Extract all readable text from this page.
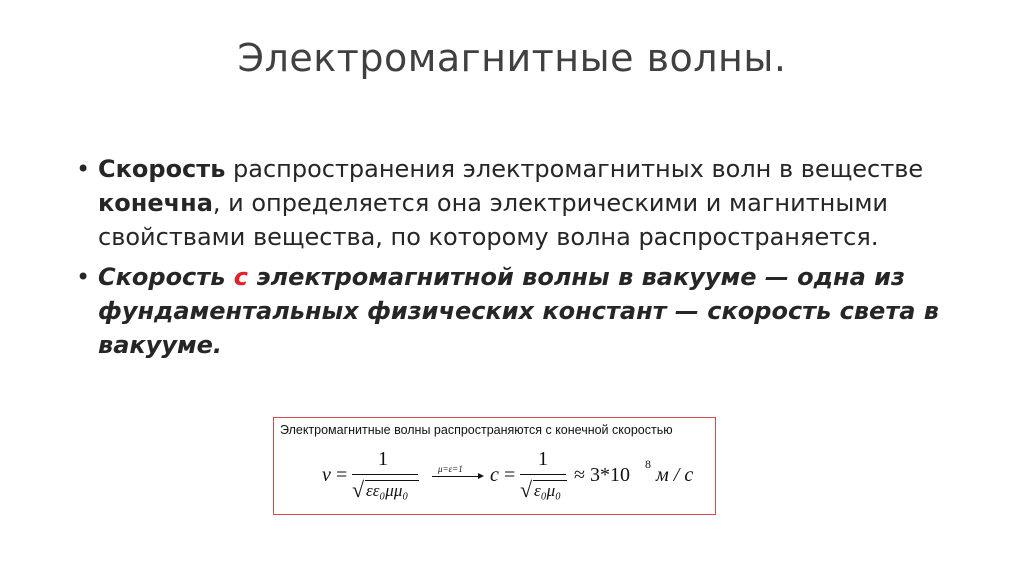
Электромагнитные волны.
• Скорость распространения электромагнитных волн в веществе конечна, и определяется она электрическими и магнитными свойствами вещества, по которому волна распространяется.
• Скорость c электромагнитной волны в вакууме — одна из фундаментальных физических констант — скорость света в вакууме.
Электромагнитные волны распространяются с конечной скоростью
v =
1
√ εε₀μμ₀
μ=ε=1 c =
1
√ ε₀μ₀
≈ 3*10 8 м / с
